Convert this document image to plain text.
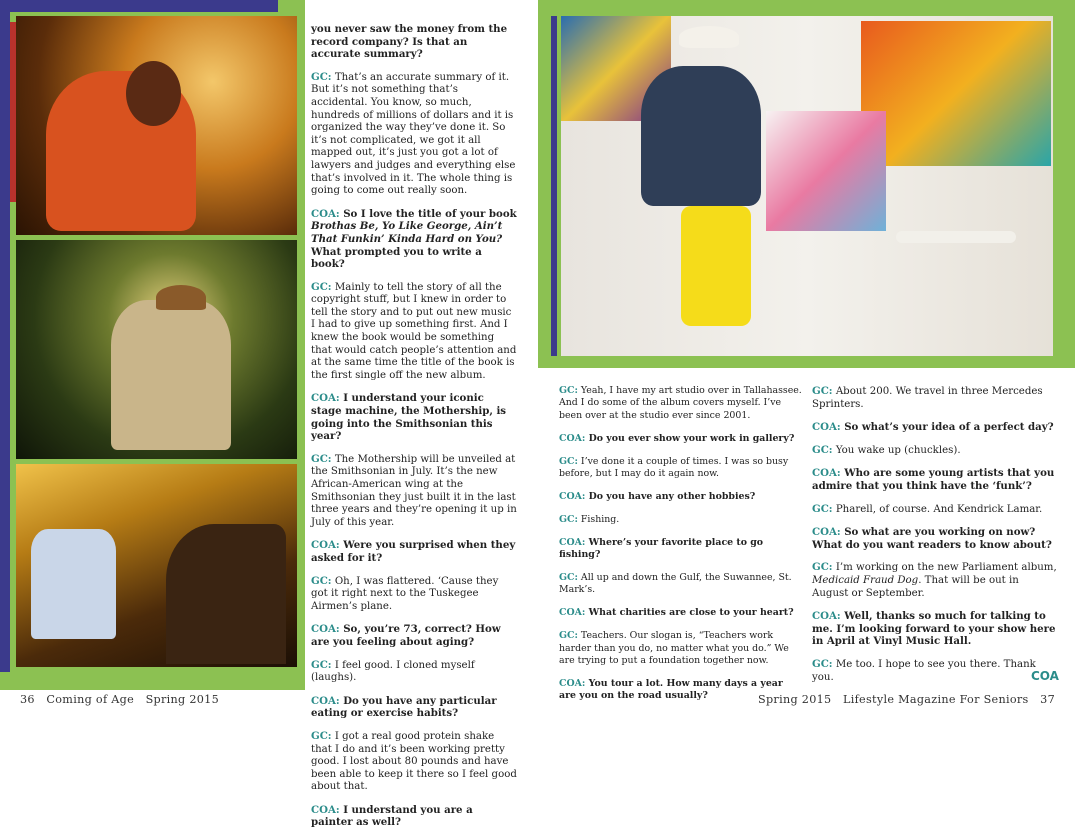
you never saw the money from the record company? Is that an accurate summary?

GC: That’s an accurate summary of it. But it’s not something that’s accidental. You know, so much, hundreds of millions of dollars and it is organized the way they’ve done it. So it’s not complicated, we got it all mapped out, it’s just you got a lot of lawyers and judges and everything else that’s involved in it. The whole thing is going to come out really soon.

COA: So I love the title of your book Brothas Be, Yo Like George, Ain’t That Funkin’ Kinda Hard on You? What prompted you to write a book?

GC: Mainly to tell the story of all the copyright stuff, but I knew in order to tell the story and to put out new music I had to give up something first. And I knew the book would be something that would catch people’s attention and at the same time the title of the book is the first single off the new album.

COA: I understand your iconic stage machine, the Mothership, is going into the Smithsonian this year?

GC: The Mothership will be unveiled at the Smithsonian in July. It’s the new African-American wing at the Smithsonian they just built it in the last three years and they’re opening it up in July of this year.

COA: Were you surprised when they asked for it?

GC: Oh, I was flattered. ‘Cause they got it right next to the Tuskegee Airmen’s plane.

COA: So, you’re 73, correct? How are you feeling about aging?

GC: I feel good. I cloned myself (laughs).

COA: Do you have any particular eating or exercise habits?

GC: I got a real good protein shake that I do and it’s been working pretty good. I lost about 80 pounds and have been able to keep it there so I feel good about that.

COA: I understand you are a painter as well?

GC: Yeah, I have my art studio over in Tallahassee. And I do some of the album covers myself. I’ve been over at the studio ever since 2001.

COA: Do you ever show your work in gallery?

GC: I’ve done it a couple of times. I was so busy before, but I may do it again now.

COA: Do you have any other hobbies?

GC: Fishing.

COA: Where’s your favorite place to go fishing?

GC: All up and down the Gulf, the Suwannee, St. Mark’s.

COA: What charities are close to your heart?

GC: Teachers. Our slogan is, “Teachers work harder than you do, no matter what you do.” We are trying to put a foundation together now.

COA: You tour a lot. How many days a year are you on the road usually?

GC: About 200. We travel in three Mercedes Sprinters.

COA: So what’s your idea of a perfect day?

GC: You wake up (chuckles).

COA: Who are some young artists that you admire that you think have the ‘funk’?

GC: Pharell, of course. And Kendrick Lamar.

COA: So what are you working on now? What do you want readers to know about?

GC: I’m working on the new Parliament album, Medicaid Fraud Dog. That will be out in August or September.

COA: Well, thanks so much for talking to me. I’m looking forward to your show here in April at Vinyl Music Hall.

GC: Me too. I hope to see you there. Thank you.	COA
36   Coming of Age   Spring 2015	Spring 2015   Lifestyle Magazine For Seniors   37
